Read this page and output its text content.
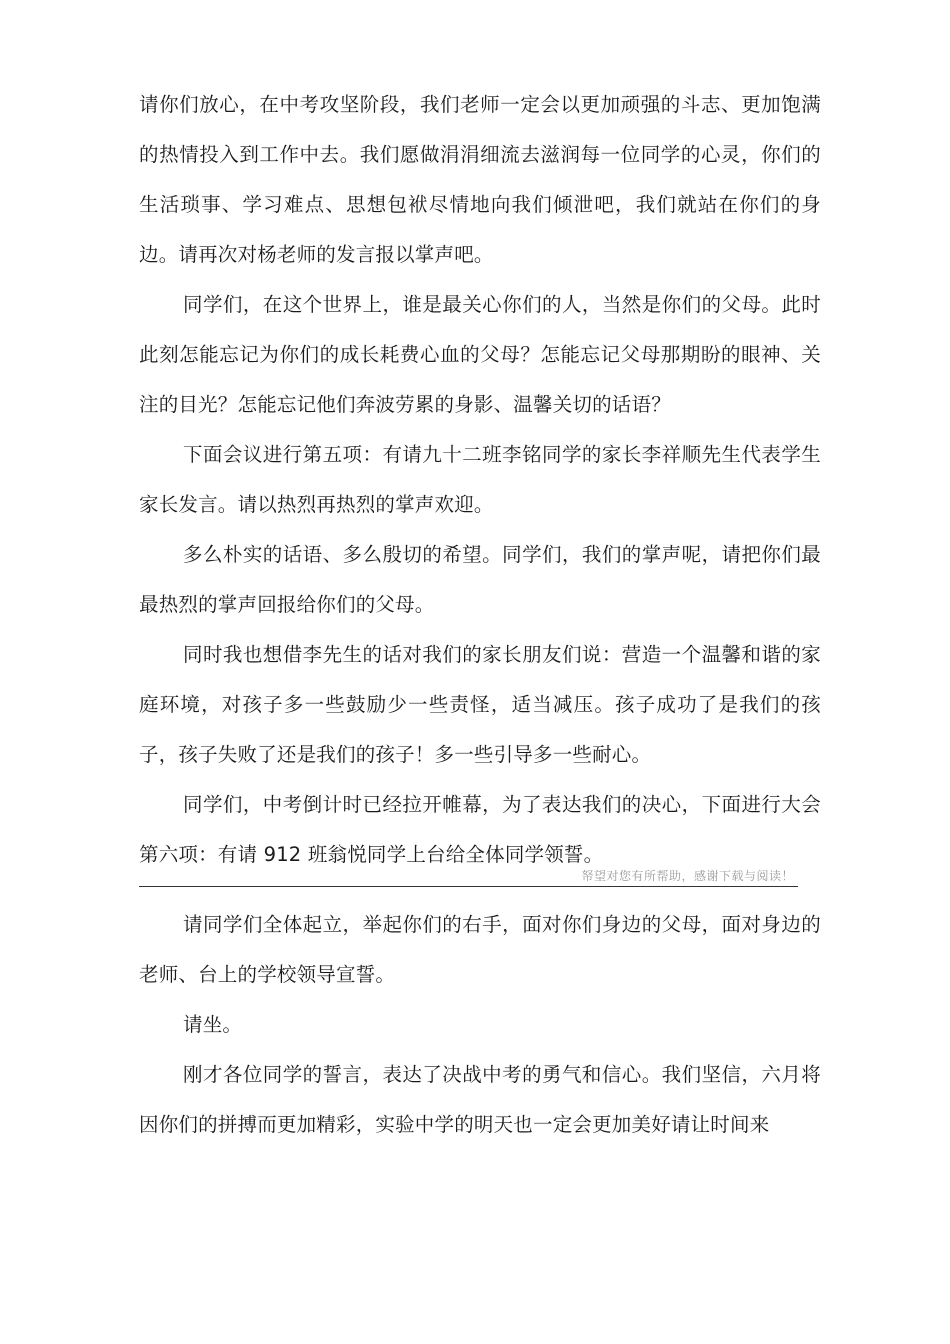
请你们放心，在中考攻坚阶段，我们老师一定会以更加顽强的斗志、更加饱满的热情投入到工作中去。我们愿做涓涓细流去滋润每一位同学的心灵，你们的生活琐事、学习难点、思想包袱尽情地向我们倾泄吧，我们就站在你们的身边。请再次对杨老师的发言报以掌声吧。

同学们，在这个世界上，谁是最关心你们的人，当然是你们的父母。此时此刻怎能忘记为你们的成长耗费心血的父母？怎能忘记父母那期盼的眼神、关注的目光？怎能忘记他们奔波劳累的身影、温馨关切的话语？

下面会议进行第五项：有请九十二班李铭同学的家长李祥顺先生代表学生家长发言。请以热烈再热烈的掌声欢迎。

多么朴实的话语、多么殷切的希望。同学们，我们的掌声呢，请把你们最最热烈的掌声回报给你们的父母。

同时我也想借李先生的话对我们的家长朋友们说：营造一个温馨和谐的家庭环境，对孩子多一些鼓励少一些责怪，适当减压。孩子成功了是我们的孩子，孩子失败了还是我们的孩子！多一些引导多一些耐心。

同学们，中考倒计时已经拉开帷幕，为了表达我们的决心，下面进行大会第六项：有请 912 班翁悦同学上台给全体同学领誓。

帑望对您有所帮助，感谢下载与阅读！

请同学们全体起立，举起你们的右手，面对你们身边的父母，面对身边的老师、台上的学校领导宣誓。

请坐。

刚才各位同学的誓言，表达了决战中考的勇气和信心。我们坚信，六月将因你们的拼搏而更加精彩，实验中学的明天也一定会更加美好请让时间来
